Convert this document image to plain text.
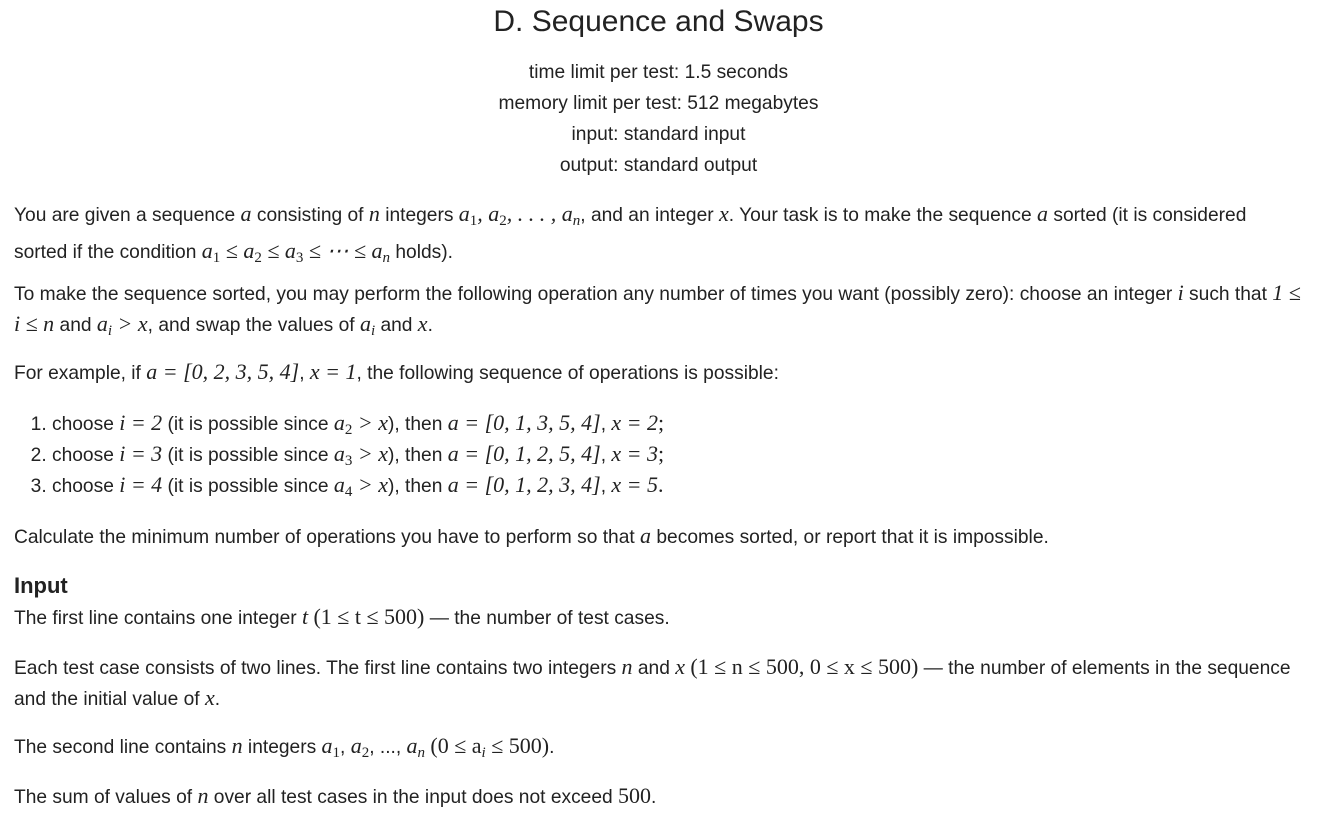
D. Sequence and Swaps
time limit per test: 1.5 seconds
memory limit per test: 512 megabytes
input: standard input
output: standard output

You are given a sequence a consisting of n integers a1, a2, . . . , an, and an integer x. Your task is to make the sequence a sorted (it is considered sorted if the condition a1 ≤ a2 ≤ a3 ≤ ⋯ ≤ an holds).

To make the sequence sorted, you may perform the following operation any number of times you want (possibly zero): choose an integer i such that 1 ≤ i ≤ n and ai > x, and swap the values of ai and x.

For example, if a = [0, 2, 3, 5, 4], x = 1, the following sequence of operations is possible:

1. choose i = 2 (it is possible since a2 > x), then a = [0, 1, 3, 5, 4], x = 2;
2. choose i = 3 (it is possible since a3 > x), then a = [0, 1, 2, 5, 4], x = 3;
3. choose i = 4 (it is possible since a4 > x), then a = [0, 1, 2, 3, 4], x = 5.

Calculate the minimum number of operations you have to perform so that a becomes sorted, or report that it is impossible.

Input

The first line contains one integer t (1 ≤ t ≤ 500) — the number of test cases.

Each test case consists of two lines. The first line contains two integers n and x (1 ≤ n ≤ 500, 0 ≤ x ≤ 500) — the number of elements in the sequence and the initial value of x.

The second line contains n integers a1, a2, ..., an (0 ≤ ai ≤ 500).

The sum of values of n over all test cases in the input does not exceed 500.
